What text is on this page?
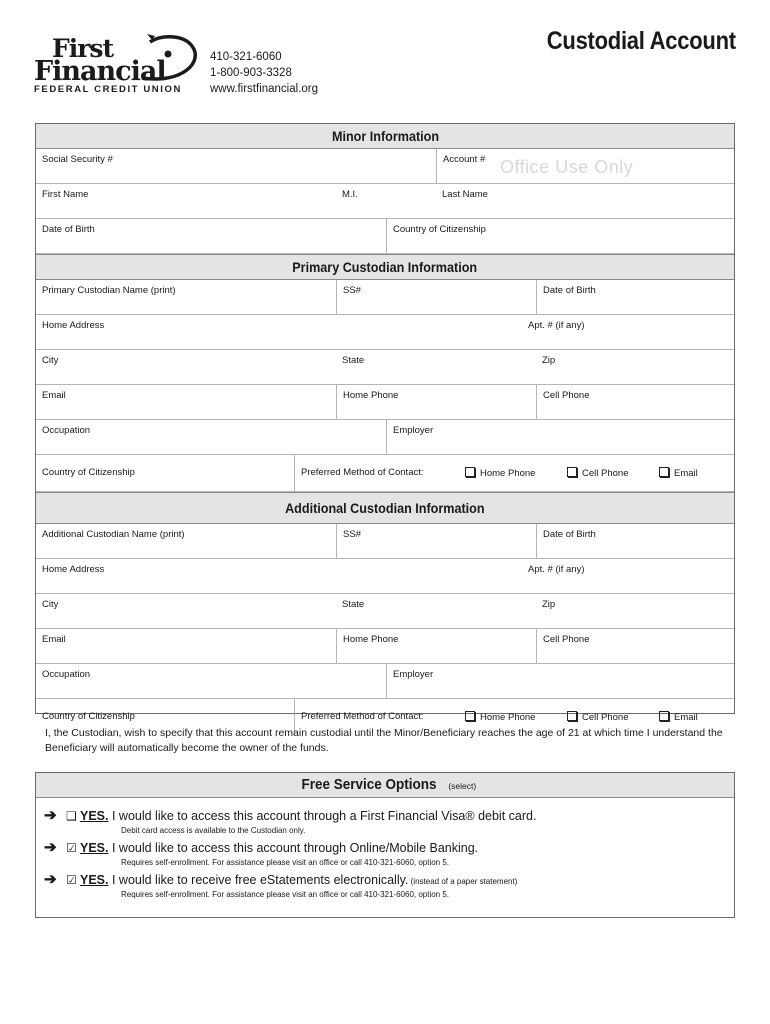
First
Financial
FEDERAL CREDIT UNION
410-321-6060
1-800-903-3328
www.firstfinancial.org
Custodial Account
Minor Information
Social Security #	Account #
First Name	M.I.	Last Name
Date of Birth	Country of Citizenship
Primary Custodian Information
Primary Custodian Name (print)	SS#	Date of Birth
Home Address	Apt. # (if any)
City	State	Zip
Email	Home Phone	Cell Phone
Occupation	Employer
Country of Citizenship	Preferred Method of Contact:	Home Phone	Cell Phone	Email
Additional Custodian Information
Additional Custodian Name (print)	SS#	Date of Birth
Home Address	Apt. # (if any)
City	State	Zip
Email	Home Phone	Cell Phone
Occupation	Employer
Country of Citizenship	Preferred Method of Contact:	Home Phone	Cell Phone	Email
Office Use Only
I, the Custodian, wish to specify that this account remain custodial until the Minor/Beneficiary reaches the age of 21 at which time I understand the Beneficiary will automatically become the owner of the funds.
Free Service Options (select)
➔ ❑ YES. I would like to access this account through a First Financial Visa® debit card.
Debit card access is available to the Custodian only.
➔ ☑ YES. I would like to access this account through Online/Mobile Banking.
Requires self-enrollment. For assistance please visit an office or call 410-321-6060, option 5.
➔ ☑ YES. I would like to receive free eStatements electronically. (instead of a paper statement)
Requires self-enrollment. For assistance please visit an office or call 410-321-6060, option 5.
